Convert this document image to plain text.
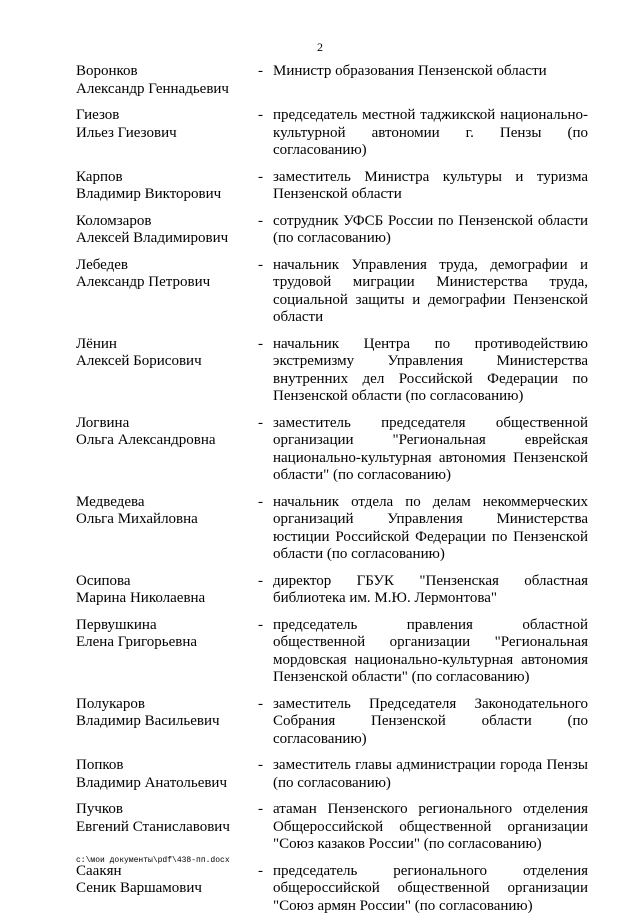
2
Воронков
Александр Геннадьевич
- Министр образования Пензенской области
Гиезов
Ильез Гиезович
- председатель местной таджикской национально-культурной автономии г. Пензы (по согласованию)
Карпов
Владимир Викторович
- заместитель Министра культуры и туризма Пензенской области
Коломзаров
Алексей Владимирович
- сотрудник УФСБ России по Пензенской области (по согласованию)
Лебедев
Александр Петрович
- начальник Управления труда, демографии и трудовой миграции Министерства труда, социальной защиты и демографии Пензенской области
Лёнин
Алексей Борисович
- начальник Центра по противодействию экстремизму Управления Министерства внутренних дел Российской Федерации по Пензенской области (по согласованию)
Логвина
Ольга Александровна
- заместитель председателя общественной организации "Региональная еврейская национально-культурная автономия Пензенской области" (по согласованию)
Медведева
Ольга Михайловна
- начальник отдела по делам некоммерческих организаций Управления Министерства юстиции Российской Федерации по Пензенской области (по согласованию)
Осипова
Марина Николаевна
- директор ГБУК "Пензенская областная библиотека им. М.Ю. Лермонтова"
Первушкина
Елена Григорьевна
- председатель правления областной общественной организации "Региональная мордовская национально-культурная автономия Пензенской области" (по согласованию)
Полукаров
Владимир Васильевич
- заместитель Председателя Законодательного Собрания Пензенской области (по согласованию)
Попков
Владимир Анатольевич
- заместитель главы администрации города Пензы (по согласованию)
Пучков
Евгений Станиславович
- атаман Пензенского регионального отделения Общероссийской общественной организации "Союз казаков России" (по согласованию)
Саакян
Сеник Варшамович
- председатель регионального отделения общероссийской общественной организации "Союз армян России" (по согласованию)
c:\мои документы\pdf\438-пп.docx
